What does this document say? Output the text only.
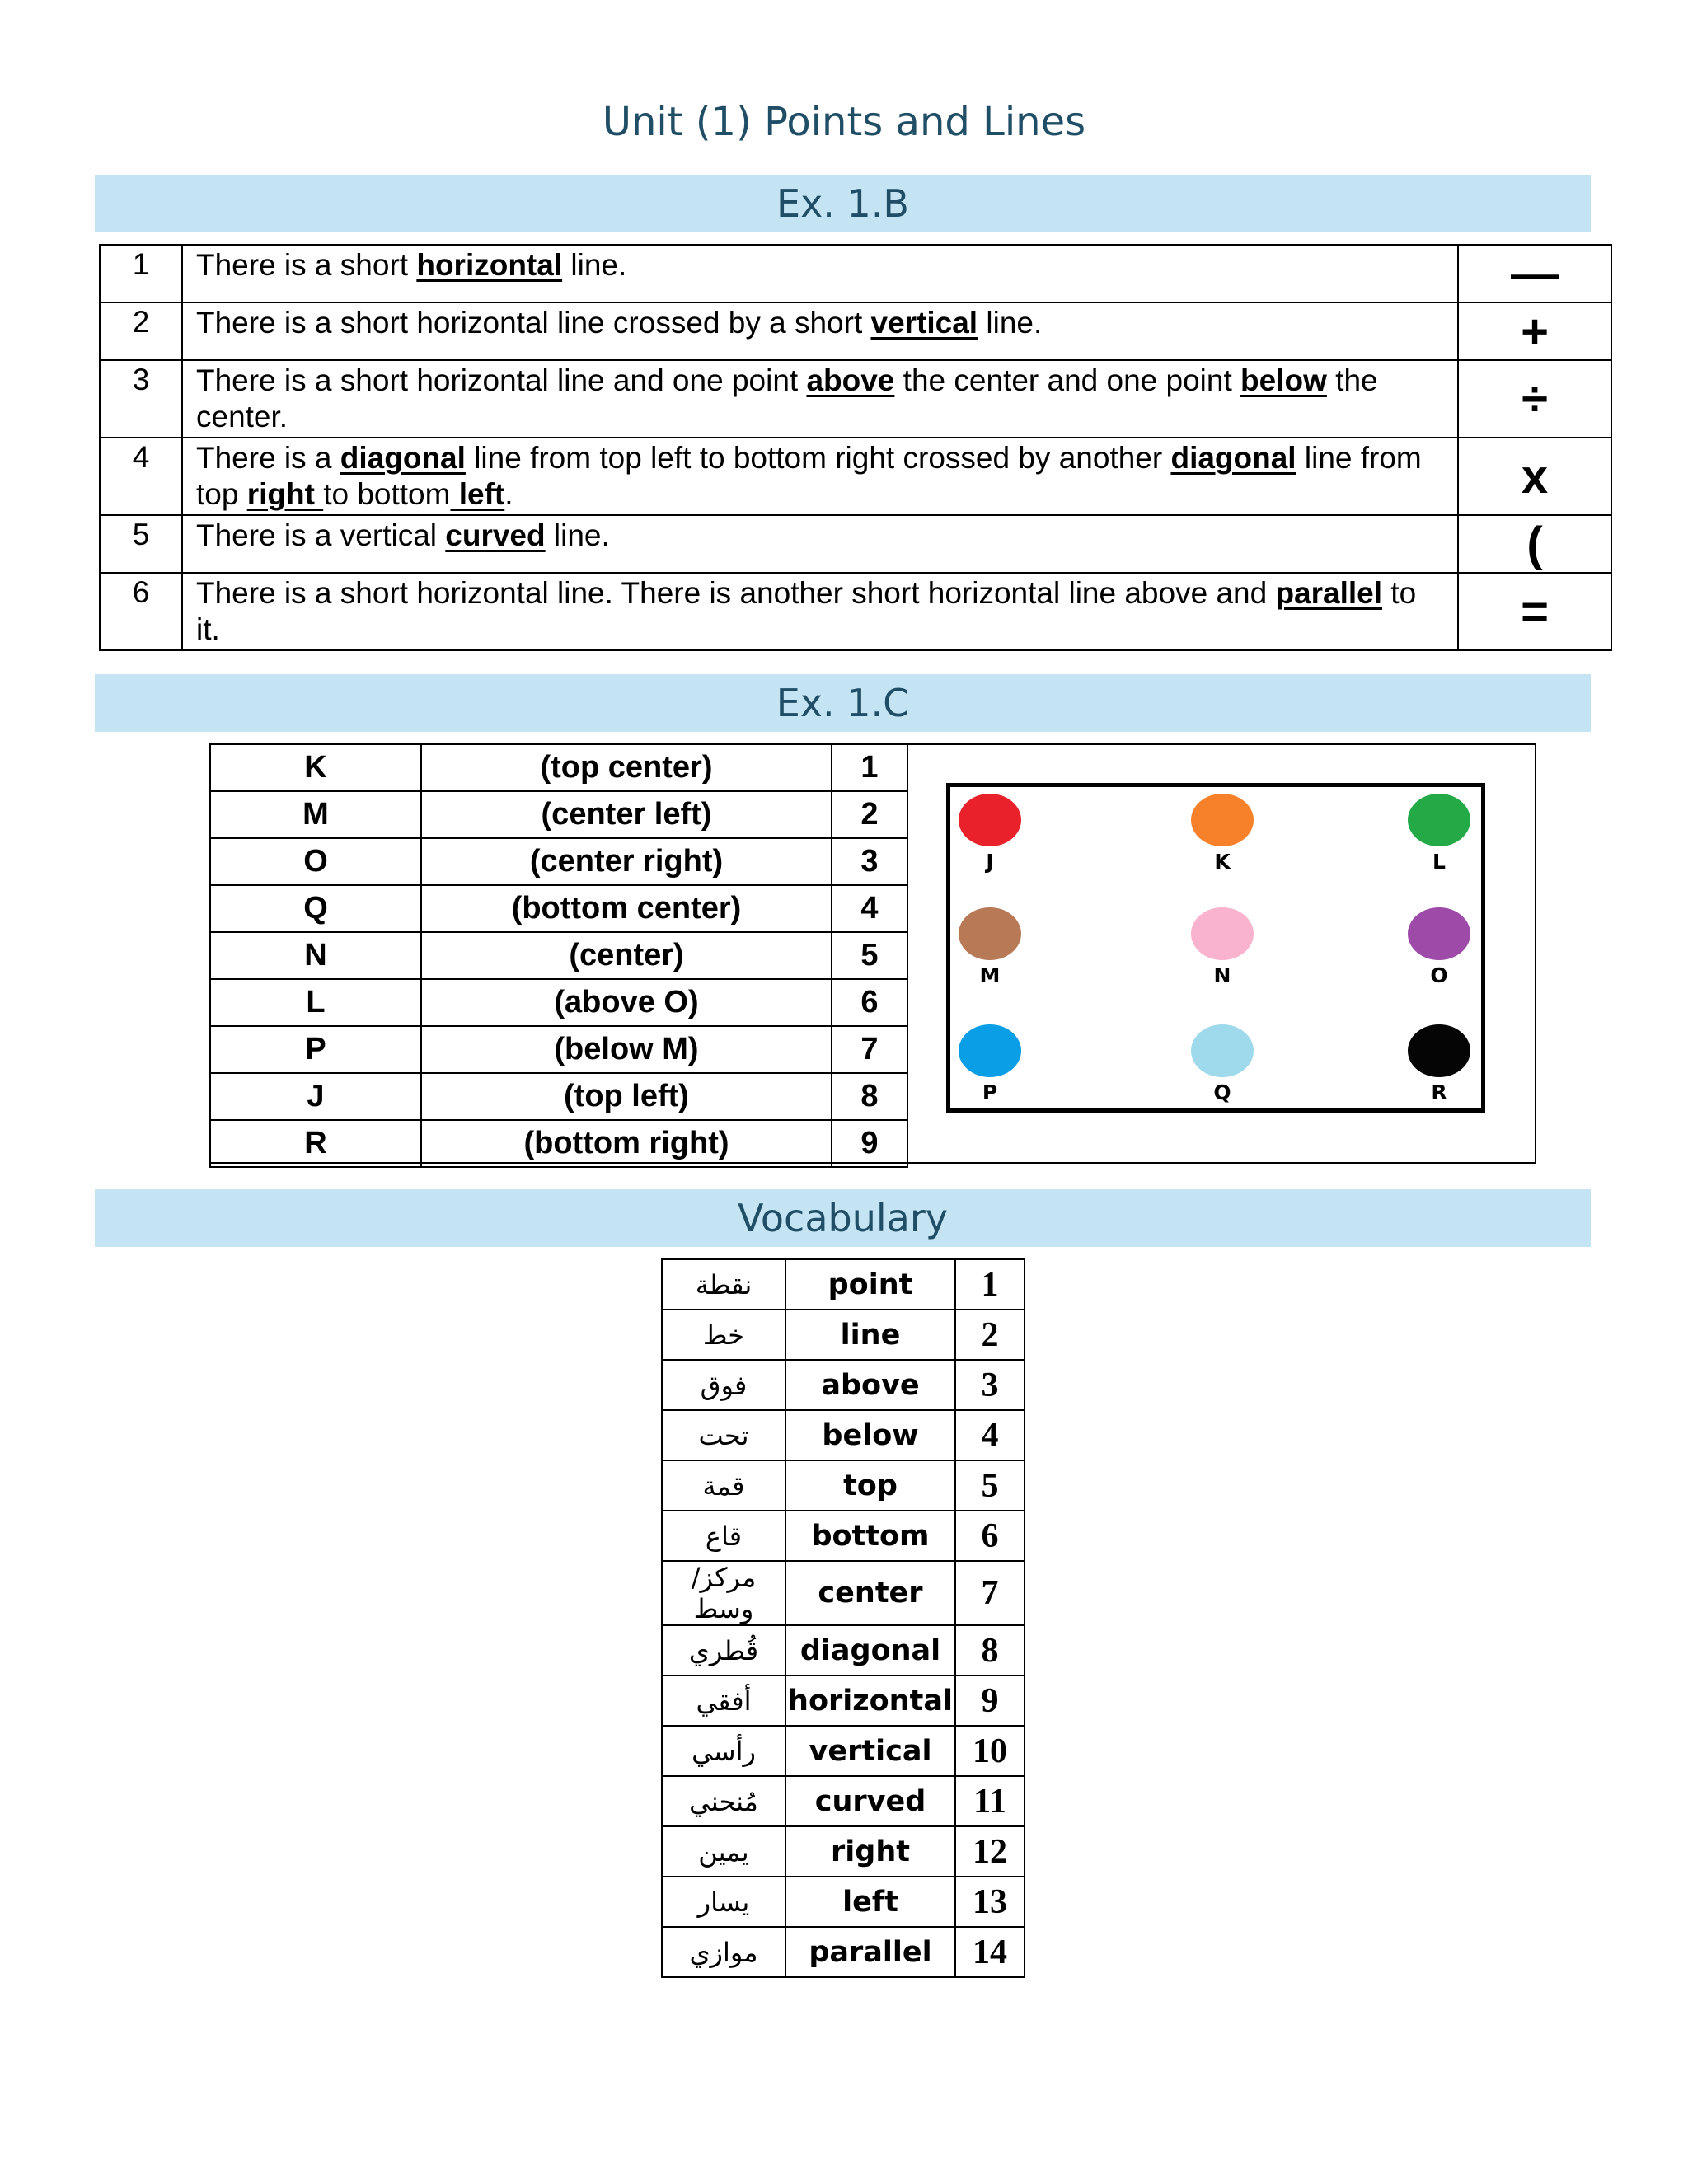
Unit (1) Points and Lines
Ex. 1.B
1	There is a short horizontal line.	—
2	There is a short horizontal line crossed by a short vertical line.	+
3	There is a short horizontal line and one point above the center and one point below the center.	÷
4	There is a diagonal line from top left to bottom right crossed by another diagonal line from top right to bottom left.	x
5	There is a vertical curved line.	(
6	There is a short horizontal line. There is another short horizontal line above and parallel to it.	=
Ex. 1.C
K	(top center)	1
M	(center left)	2
O	(center right)	3
Q	(bottom center)	4
N	(center)	5
L	(above O)	6
P	(below M)	7
J	(top left)	8
R	(bottom right)	9
J	K	L
M	N	O
P	Q	R
Vocabulary
نقطة	point	1
خط	line	2
فوق	above	3
تحت	below	4
قمة	top	5
قاع	bottom	6
مركز/وسط	center	7
قُطري	diagonal	8
أفقي	horizontal	9
رأسي	vertical	10
مُنحني	curved	11
يمين	right	12
يسار	left	13
موازي	parallel	14
